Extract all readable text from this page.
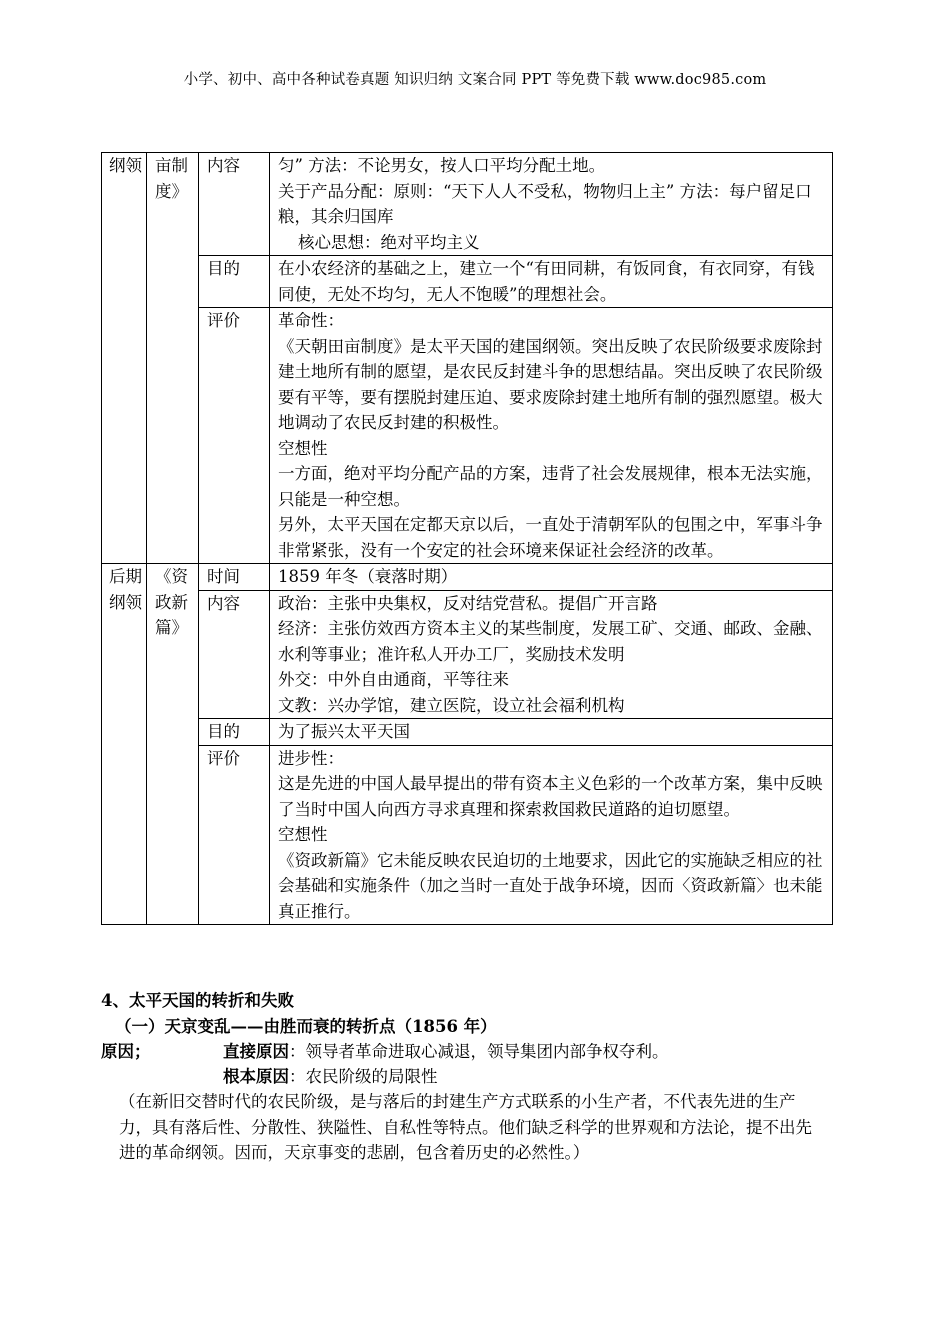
小学、初中、高中各种试卷真题 知识归纳 文案合同 PPT 等免费下载 www.doc985.com
纲领	亩制度》	内容	匀” 方法：不论男女，按人口平均分配土地。
关于产品分配：原则：“天下人人不受私，物物归上主” 方法：每户留足口粮，其余归国库
核心思想：绝对平均主义

		目的	在小农经济的基础之上，建立一个“有田同耕，有饭同食，有衣同穿，有钱同使，无处不均匀，无人不饱暖”的理想社会。

		评价	革命性：
《天朝田亩制度》是太平天国的建国纲领。突出反映了农民阶级要求废除封建土地所有制的愿望，是农民反封建斗争的思想结晶。突出反映了农民阶级要有平等，要有摆脱封建压迫、要求废除封建土地所有制的强烈愿望。极大地调动了农民反封建的积极性。
空想性
一方面，绝对平均分配产品的方案，违背了社会发展规律，根本无法实施，只能是一种空想。
另外，太平天国在定都天京以后，一直处于清朝军队的包围之中，军事斗争非常紧张，没有一个安定的社会环境来保证社会经济的改革。

后期纲领	《资政新篇》	时间	1859 年冬（衰落时期）

		内容	政治：主张中央集权，反对结党营私。提倡广开言路
经济：主张仿效西方资本主义的某些制度，发展工矿、交通、邮政、金融、水利等事业；准许私人开办工厂，奖励技术发明
外交：中外自由通商，平等往来
文教：兴办学馆，建立医院，设立社会福利机构

		目的	为了振兴太平天国

		评价	进步性：
这是先进的中国人最早提出的带有资本主义色彩的一个改革方案，集中反映了当时中国人向西方寻求真理和探索救国救民道路的迫切愿望。
空想性
《资政新篇》它未能反映农民迫切的土地要求，因此它的实施缺乏相应的社会基础和实施条件（加之当时一直处于战争环境，因而〈资政新篇〉也未能真正推行。
4、太平天国的转折和失败
（一）天京变乱——由胜而衰的转折点（1856 年）
原因；	直接原因：领导者革命进取心减退，领导集团内部争权夺利。
根本原因：农民阶级的局限性
（在新旧交替时代的农民阶级，是与落后的封建生产方式联系的小生产者，不代表先进的生产力，具有落后性、分散性、狭隘性、自私性等特点。他们缺乏科学的世界观和方法论，提不出先进的革命纲领。因而，天京事变的悲剧，包含着历史的必然性。）
